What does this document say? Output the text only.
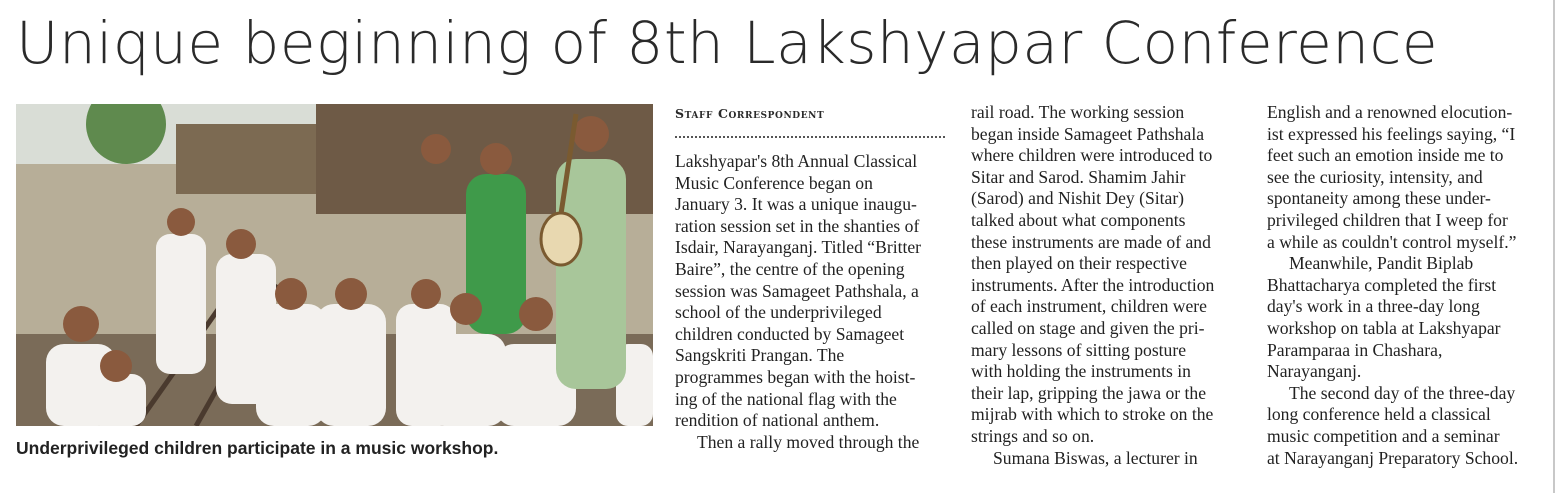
Unique beginning of 8th Lakshyapar Conference
Underprivileged children participate in a music workshop.
Staff Correspondent
Lakshyapar's 8th Annual Classical
Music Conference began on
January 3. It was a unique inaugu-
ration session set in the shanties of
Isdair, Narayanganj. Titled “Britter
Baire”, the centre of the opening
session was Samageet Pathshala, a
school of the underprivileged
children conducted by Samageet
Sangskriti Prangan. The
programmes began with the hoist-
ing of the national flag with the
rendition of national anthem.
Then a rally moved through the
rail road. The working session
began inside Samageet Pathshala
where children were introduced to
Sitar and Sarod. Shamim Jahir
(Sarod) and Nishit Dey (Sitar)
talked about what components
these instruments are made of and
then played on their respective
instruments. After the introduction
of each instrument, children were
called on stage and given the pri-
mary lessons of sitting posture
with holding the instruments in
their lap, gripping the jawa or the
mijrab with which to stroke on the
strings and so on.
Sumana Biswas, a lecturer in
English and a renowned elocution-
ist expressed his feelings saying, “I
feet such an emotion inside me to
see the curiosity, intensity, and
spontaneity among these under-
privileged children that I weep for
a while as couldn't control myself.”
Meanwhile, Pandit Biplab
Bhattacharya completed the first
day's work in a three-day long
workshop on tabla at Lakshyapar
Paramparaa in Chashara,
Narayanganj.
The second day of the three-day
long conference held a classical
music competition and a seminar
at Narayanganj Preparatory School.
